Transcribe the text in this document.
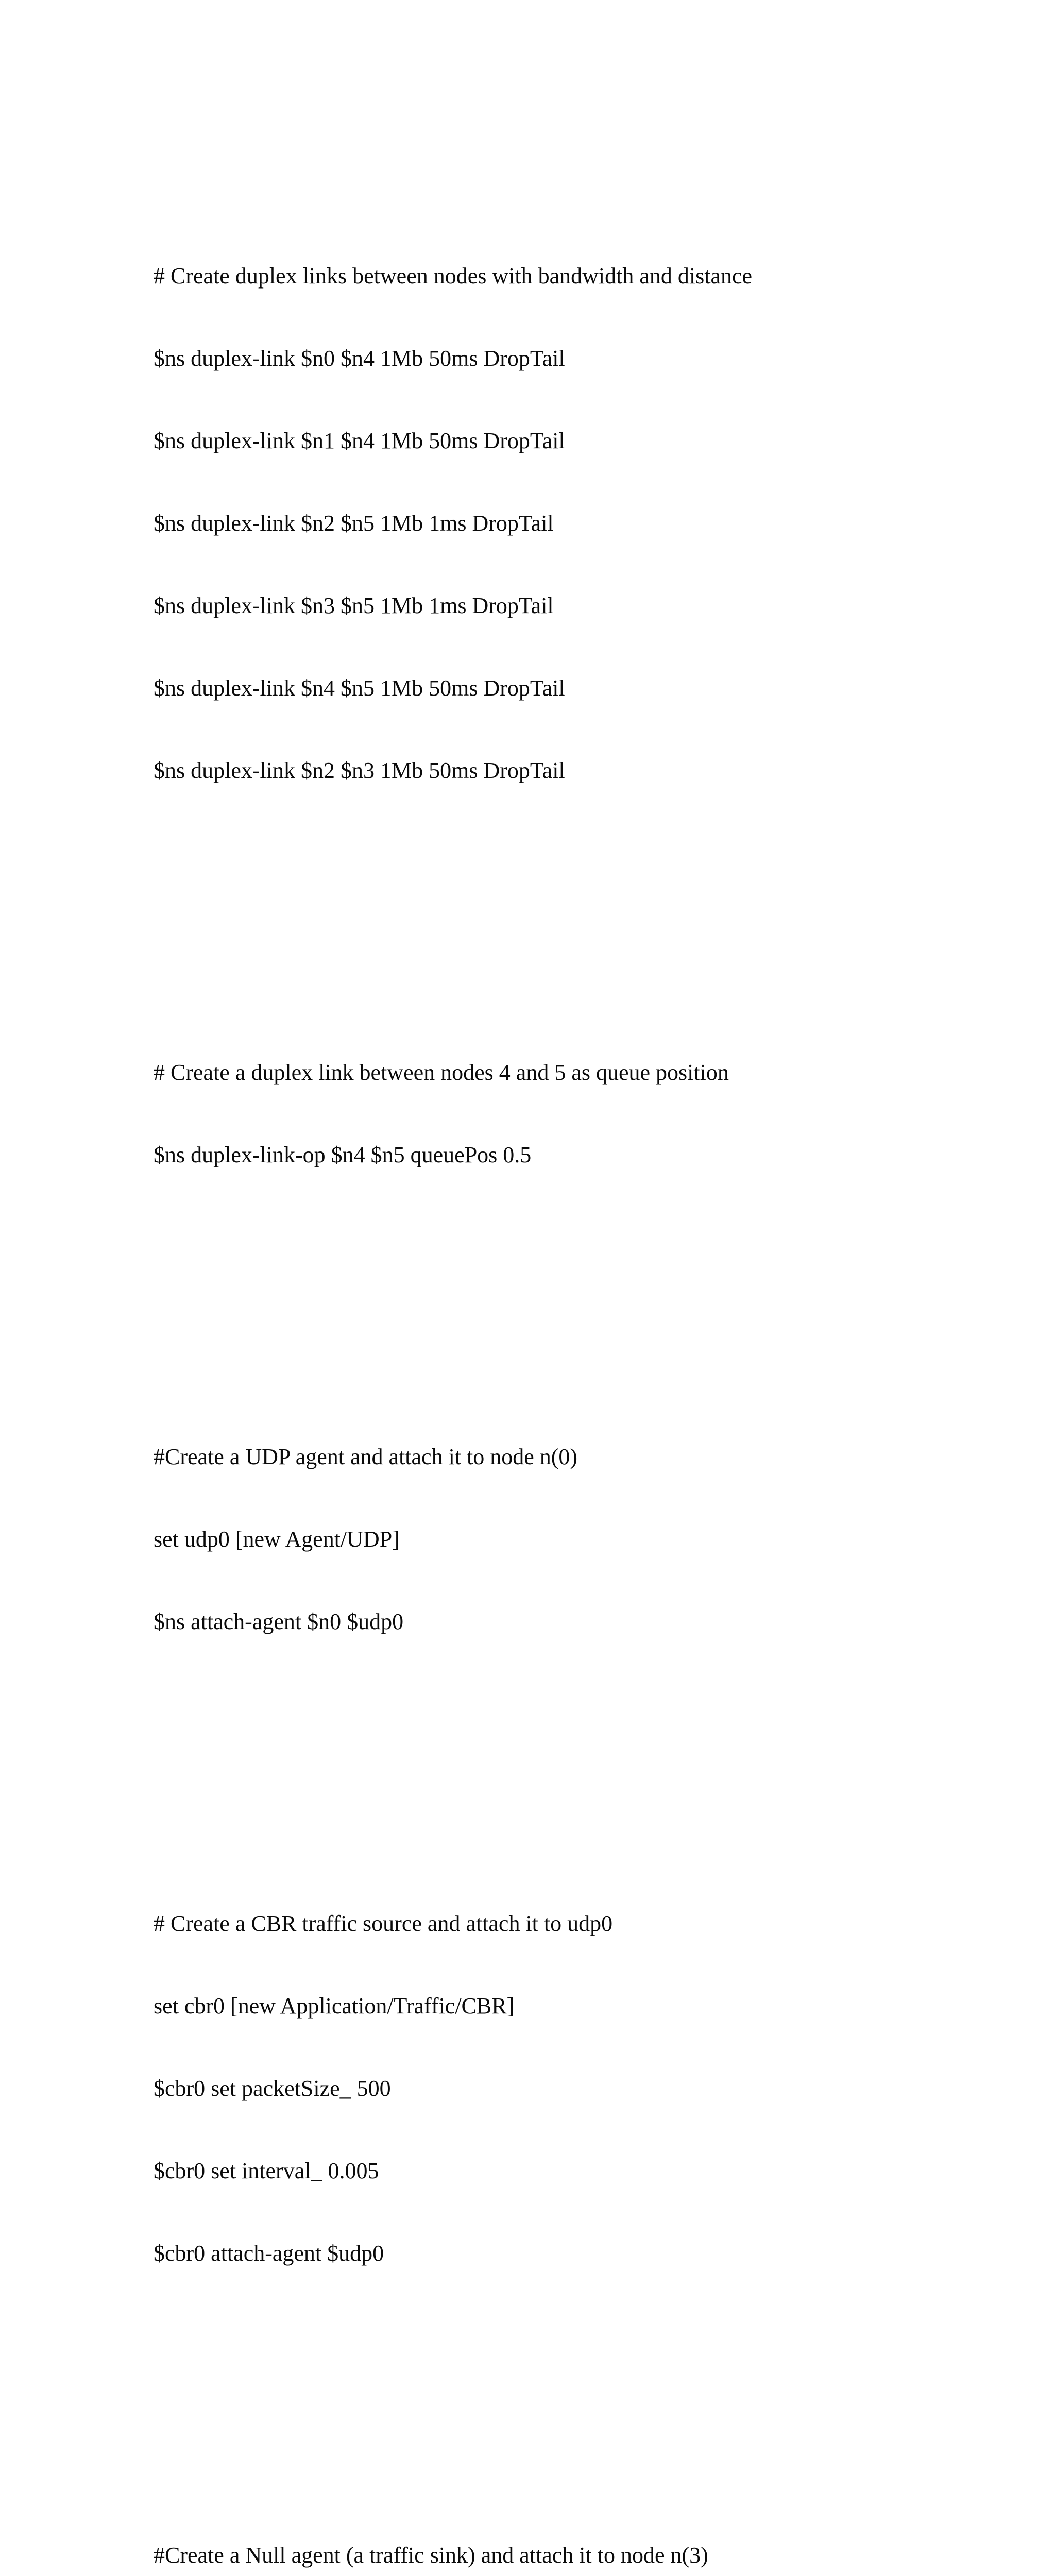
# Create duplex links between nodes with bandwidth and distance

$ns duplex-link $n0 $n4 1Mb 50ms DropTail

$ns duplex-link $n1 $n4 1Mb 50ms DropTail

$ns duplex-link $n2 $n5 1Mb 1ms DropTail

$ns duplex-link $n3 $n5 1Mb 1ms DropTail

$ns duplex-link $n4 $n5 1Mb 50ms DropTail

$ns duplex-link $n2 $n3 1Mb 50ms DropTail

# Create a duplex link between nodes 4 and 5 as queue position

$ns duplex-link-op $n4 $n5 queuePos 0.5

#Create a UDP agent and attach it to node n(0)

set udp0 [new Agent/UDP]

$ns attach-agent $n0 $udp0

# Create a CBR traffic source and attach it to udp0

set cbr0 [new Application/Traffic/CBR]

$cbr0 set packetSize_ 500

$cbr0 set interval_ 0.005

$cbr0 attach-agent $udp0

#Create a Null agent (a traffic sink) and attach it to node n(3)
